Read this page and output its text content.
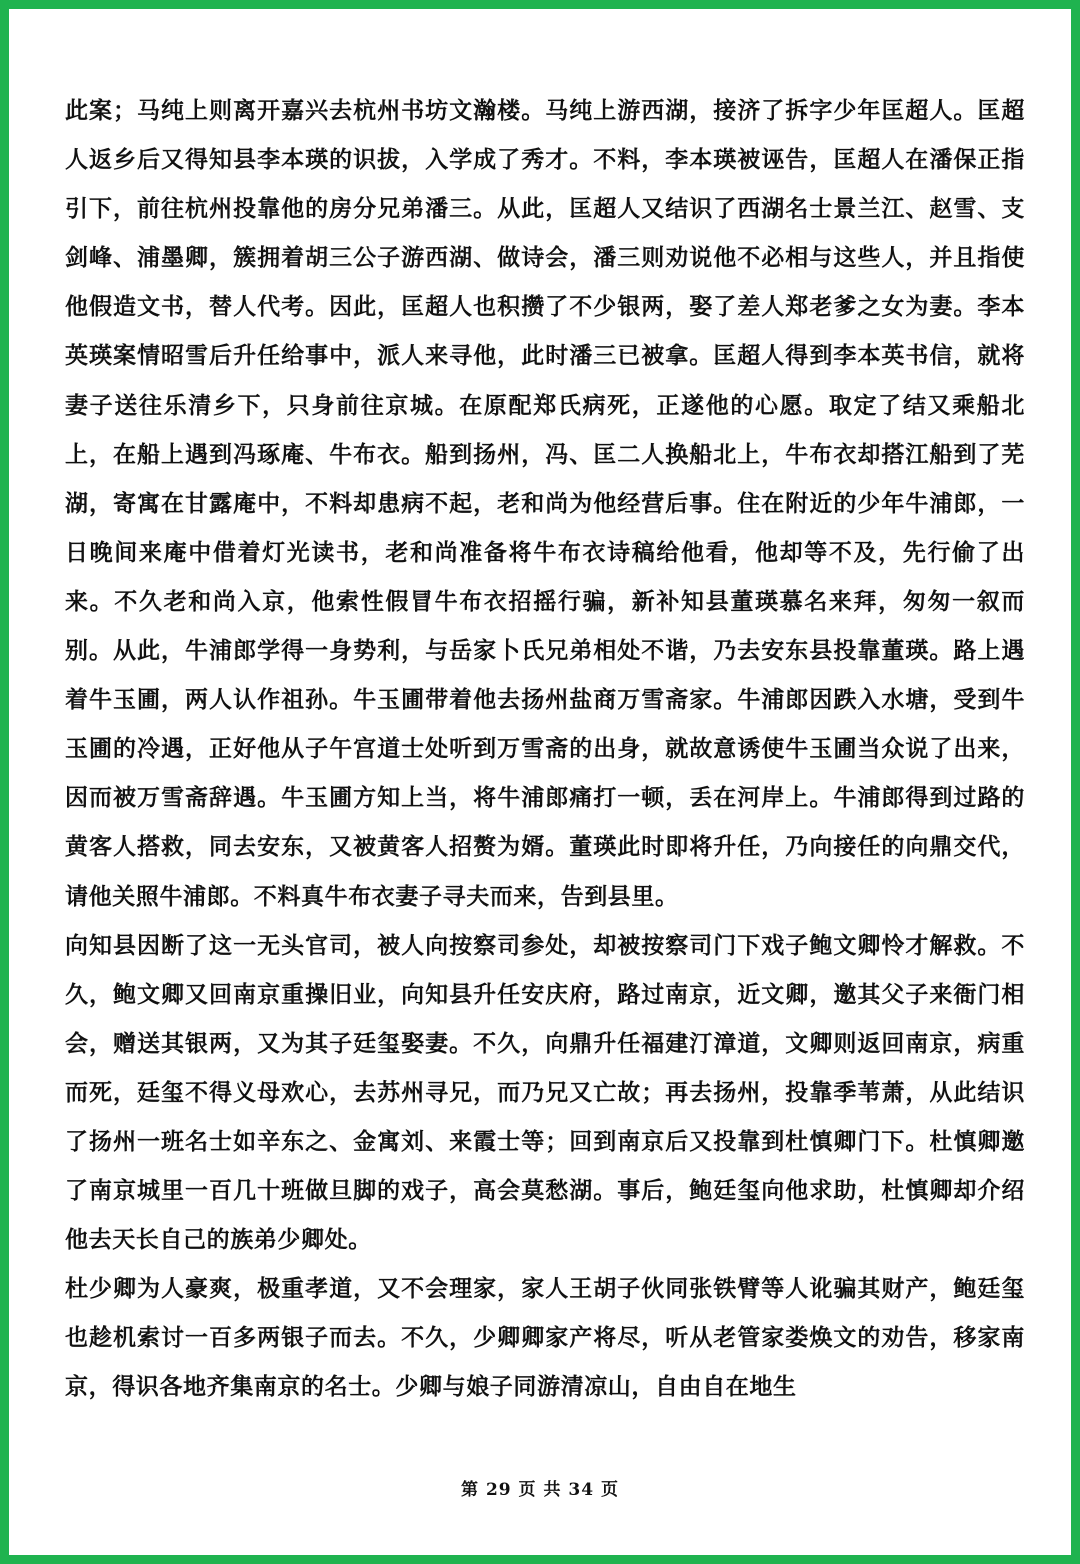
此案；马纯上则离开嘉兴去杭州书坊文瀚楼。马纯上游西湖，接济了拆字少年匡超人。匡超人返乡后又得知县李本瑛的识拔，入学成了秀才。不料，李本瑛被诬告，匡超人在潘保正指引下，前往杭州投靠他的房分兄弟潘三。从此，匡超人又结识了西湖名士景兰江、赵雪、支剑峰、浦墨卿，簇拥着胡三公子游西湖、做诗会，潘三则劝说他不必相与这些人，并且指使他假造文书，替人代考。因此，匡超人也积攒了不少银两，娶了差人郑老爹之女为妻。李本英瑛案情昭雪后升任给事中，派人来寻他，此时潘三已被拿。匡超人得到李本英书信，就将妻子送往乐清乡下，只身前往京城。在原配郑氏病死，正遂他的心愿。取定了结又乘船北上，在船上遇到冯琢庵、牛布衣。船到扬州，冯、匡二人换船北上，牛布衣却搭江船到了芜湖，寄寓在甘露庵中，不料却患病不起，老和尚为他经营后事。住在附近的少年牛浦郎，一日晚间来庵中借着灯光读书，老和尚准备将牛布衣诗稿给他看，他却等不及，先行偷了出来。不久老和尚入京，他索性假冒牛布衣招摇行骗，新补知县董瑛慕名来拜，匆匆一叙而别。从此，牛浦郎学得一身势利，与岳家卜氏兄弟相处不谐，乃去安东县投靠董瑛。路上遇着牛玉圃，两人认作祖孙。牛玉圃带着他去扬州盐商万雪斋家。牛浦郎因跌入水塘，受到牛玉圃的冷遇，正好他从子午宫道士处听到万雪斋的出身，就故意诱使牛玉圃当众说了出来，因而被万雪斋辞遇。牛玉圃方知上当，将牛浦郎痛打一顿，丢在河岸上。牛浦郎得到过路的黄客人搭救，同去安东，又被黄客人招赘为婿。董瑛此时即将升任，乃向接任的向鼎交代，请他关照牛浦郎。不料真牛布衣妻子寻夫而来，告到县里。

向知县因断了这一无头官司，被人向按察司参处，却被按察司门下戏子鲍文卿怜才解救。不久，鲍文卿又回南京重操旧业，向知县升任安庆府，路过南京，近文卿，邀其父子来衙门相会，赠送其银两，又为其子廷玺娶妻。不久，向鼎升任福建汀漳道，文卿则返回南京，病重而死，廷玺不得义母欢心，去苏州寻兄，而乃兄又亡故；再去扬州，投靠季苇萧，从此结识了扬州一班名士如辛东之、金寓刘、来霞士等；回到南京后又投靠到杜慎卿门下。杜慎卿邀了南京城里一百几十班做旦脚的戏子，高会莫愁湖。事后，鲍廷玺向他求助，杜慎卿却介绍他去天长自己的族弟少卿处。

杜少卿为人豪爽，极重孝道，又不会理家，家人王胡子伙同张铁臂等人讹骗其财产，鲍廷玺也趁机索讨一百多两银子而去。不久，少卿卿家产将尽，听从老管家娄焕文的劝告，移家南京，得识各地齐集南京的名士。少卿与娘子同游清凉山，自由自在地生

第 29 页 共 34 页
